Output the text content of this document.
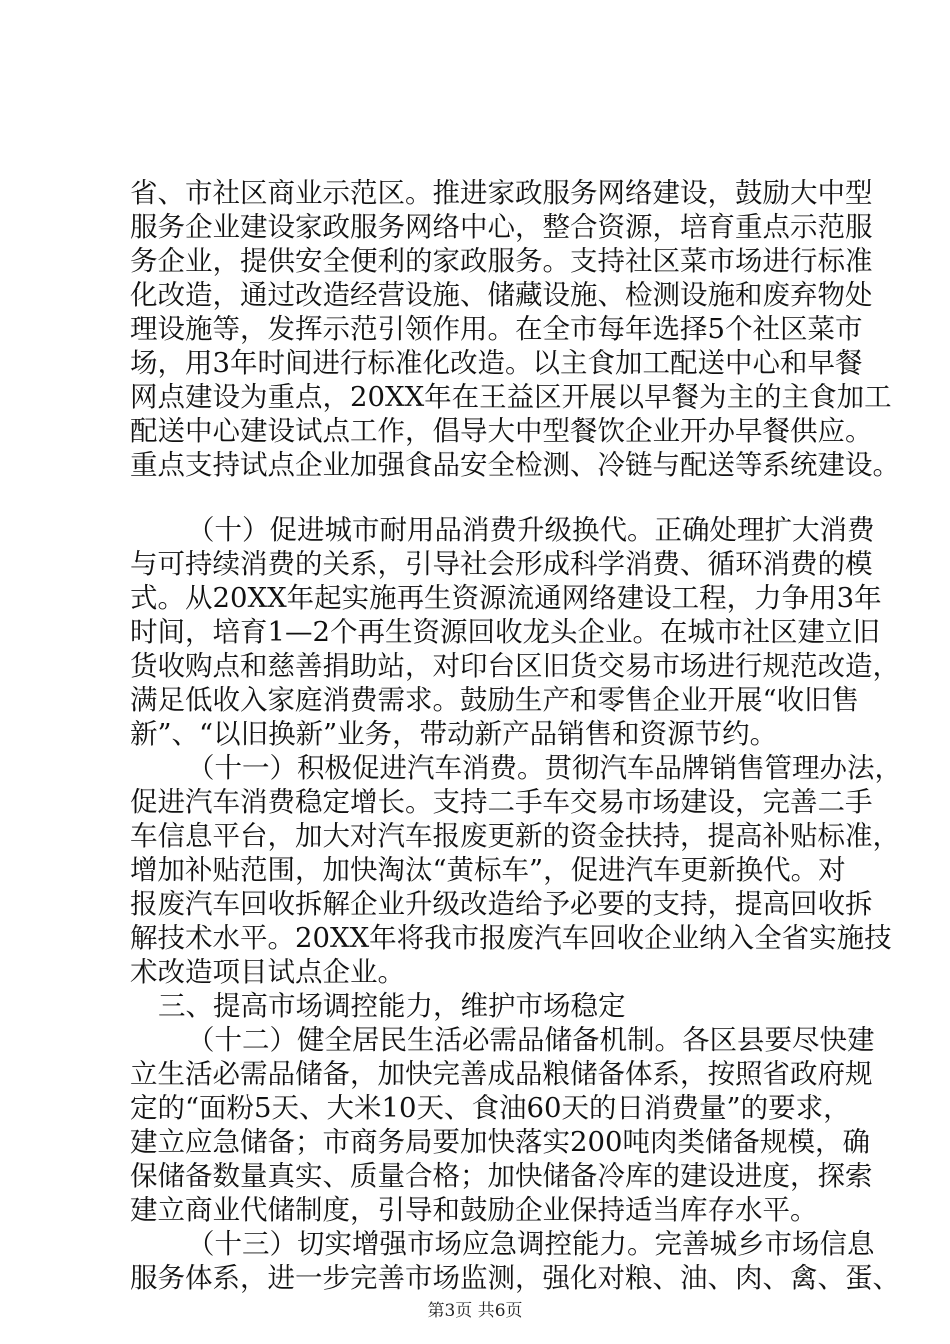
省、市社区商业示范区。推进家政服务网络建设，鼓励大中型
服务企业建设家政服务网络中心，整合资源，培育重点示范服
务企业，提供安全便利的家政服务。支持社区菜市场进行标准
化改造，通过改造经营设施、储藏设施、检测设施和废弃物处
理设施等，发挥示范引领作用。在全市每年选择5个社区菜市
场，用3年时间进行标准化改造。以主食加工配送中心和早餐
网点建设为重点，20XX年在王益区开展以早餐为主的主食加工
配送中心建设试点工作，倡导大中型餐饮企业开办早餐供应。
重点支持试点企业加强食品安全检测、冷链与配送等系统建设。
（十）促进城市耐用品消费升级换代。正确处理扩大消费
与可持续消费的关系，引导社会形成科学消费、循环消费的模
式。从20XX年起实施再生资源流通网络建设工程，力争用3年
时间，培育1—2个再生资源回收龙头企业。在城市社区建立旧
货收购点和慈善捐助站，对印台区旧货交易市场进行规范改造，
满足低收入家庭消费需求。鼓励生产和零售企业开展“收旧售
新”、“以旧换新”业务，带动新产品销售和资源节约。
（十一）积极促进汽车消费。贯彻汽车品牌销售管理办法，
促进汽车消费稳定增长。支持二手车交易市场建设，完善二手
车信息平台，加大对汽车报废更新的资金扶持，提高补贴标准，
增加补贴范围，加快淘汰“黄标车”，促进汽车更新换代。对
报废汽车回收拆解企业升级改造给予必要的支持，提高回收拆
解技术水平。20XX年将我市报废汽车回收企业纳入全省实施技
术改造项目试点企业。
三、提高市场调控能力，维护市场稳定
（十二）健全居民生活必需品储备机制。各区县要尽快建
立生活必需品储备，加快完善成品粮储备体系，按照省政府规
定的“面粉5天、大米10天、食油60天的日消费量”的要求，
建立应急储备；市商务局要加快落实200吨肉类储备规模，确
保储备数量真实、质量合格；加快储备冷库的建设进度，探索
建立商业代储制度，引导和鼓励企业保持适当库存水平。
（十三）切实增强市场应急调控能力。完善城乡市场信息
服务体系，进一步完善市场监测，强化对粮、油、肉、禽、蛋、
第3页 共6页
